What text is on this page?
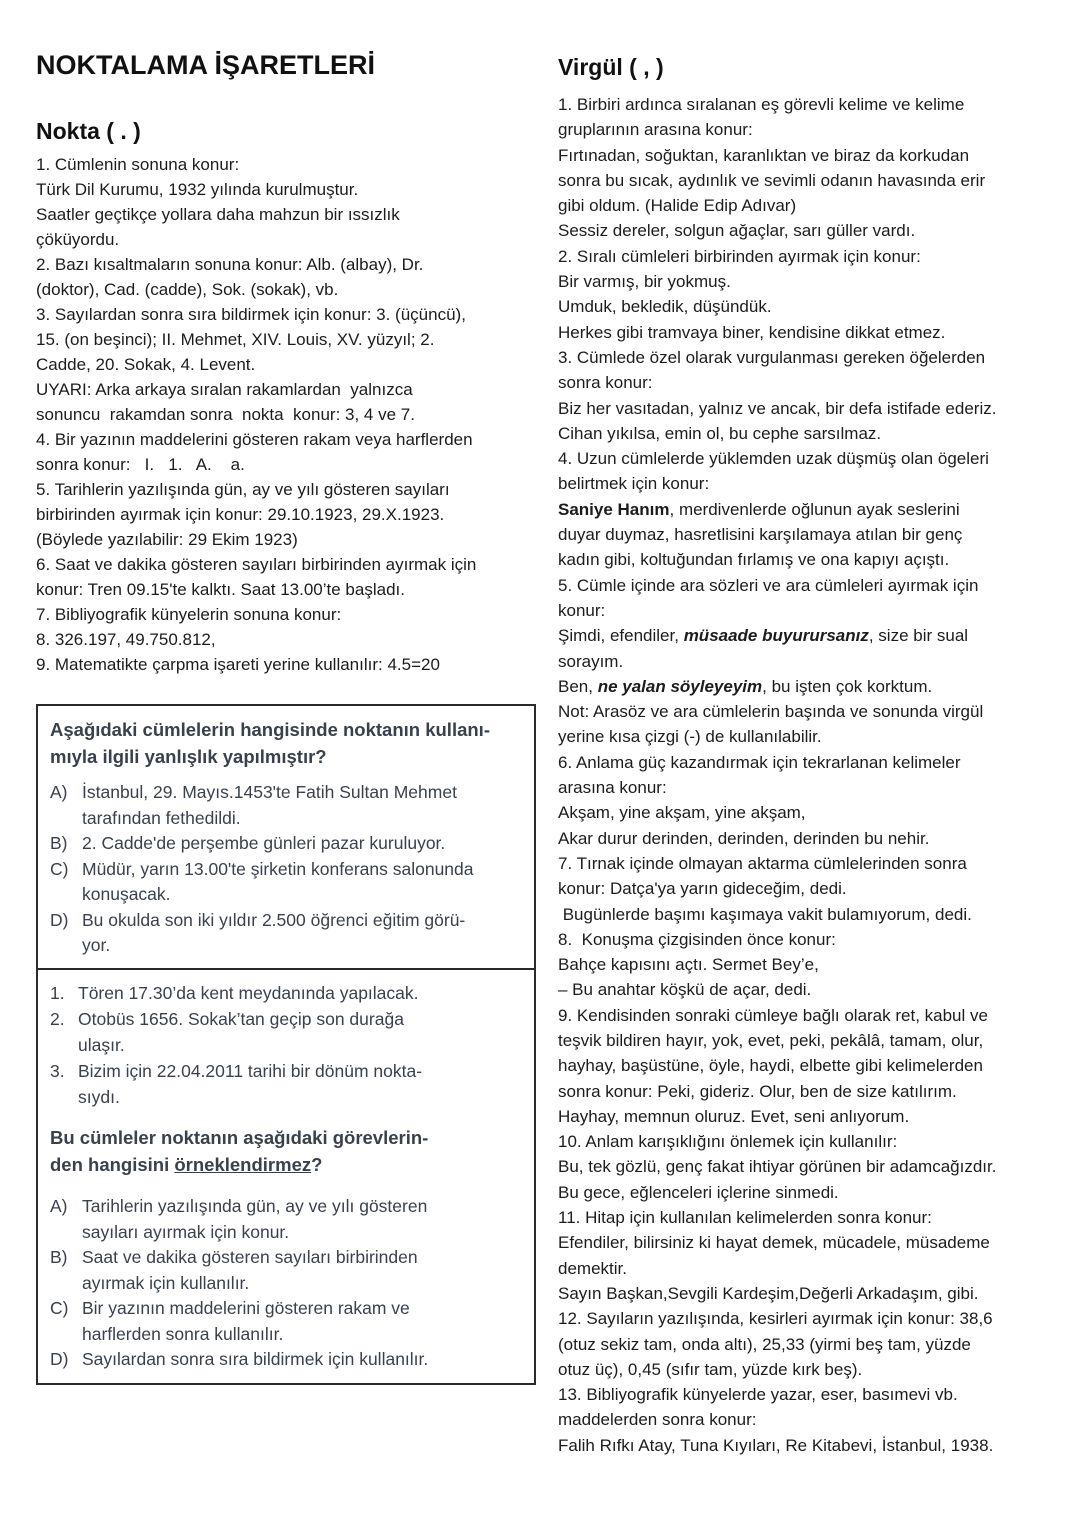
NOKTALAMA İŞARETLERİ
Nokta ( . )
1. Cümlenin sonuna konur:
Türk Dil Kurumu, 1932 yılında kurulmuştur.
Saatler geçtikçe yollara daha mahzun bir ıssızlık
çöküyordu.
2. Bazı kısaltmaların sonuna konur: Alb. (albay), Dr.
(doktor), Cad. (cadde), Sok. (sokak), vb.
3. Sayılardan sonra sıra bildirmek için konur: 3. (üçüncü),
15. (on beşinci); II. Mehmet, XIV. Louis, XV. yüzyıl; 2.
Cadde, 20. Sokak, 4. Levent.
UYARI: Arka arkaya sıralan rakamlardan  yalnızca
sonuncu  rakamdan sonra  nokta  konur: 3, 4 ve 7.
4. Bir yazının maddelerini gösteren rakam veya harflerden
sonra konur:   I.   1.   A.    a.
5. Tarihlerin yazılışında gün, ay ve yılı gösteren sayıları
birbirinden ayırmak için konur: 29.10.1923, 29.X.1923.
(Böylede yazılabilir: 29 Ekim 1923)
6. Saat ve dakika gösteren sayıları birbirinden ayırmak için
konur: Tren 09.15'te kalktı. Saat 13.00’te başladı.
7. Bibliyografik künyelerin sonuna konur:
8. 326.197, 49.750.812,
9. Matematikte çarpma işareti yerine kullanılır: 4.5=20
Aşağıdaki cümlelerin hangisinde noktanın kullanı-
mıyla ilgili yanlışlık yapılmıştır?
A) İstanbul, 29. Mayıs.1453'te Fatih Sultan Mehmet
tarafından fethedildi.
B) 2. Cadde'de perşembe günleri pazar kuruluyor.
C) Müdür, yarın 13.00'te şirketin konferans salonunda
konuşacak.
D) Bu okulda son iki yıldır 2.500 öğrenci eğitim görü-
yor.
1. Tören 17.30’da kent meydanında yapılacak.
2. Otobüs 1656. Sokak’tan geçip son durağa
ulaşır.
3. Bizim için 22.04.2011 tarihi bir dönüm nokta-
sıydı.
Bu cümleler noktanın aşağıdaki görevlerin-
den hangisini örneklendirmez?
A) Tarihlerin yazılışında gün, ay ve yılı gösteren
sayıları ayırmak için konur.
B) Saat ve dakika gösteren sayıları birbirinden
ayırmak için kullanılır.
C) Bir yazının maddelerini gösteren rakam ve
harflerden sonra kullanılır.
D) Sayılardan sonra sıra bildirmek için kullanılır.
Virgül ( , )
1. Birbiri ardınca sıralanan eş görevli kelime ve kelime
gruplarının arasına konur:
Fırtınadan, soğuktan, karanlıktan ve biraz da korkudan
sonra bu sıcak, aydınlık ve sevimli odanın havasında erir
gibi oldum. (Halide Edip Adıvar)
Sessiz dereler, solgun ağaçlar, sarı güller vardı.
2. Sıralı cümleleri birbirinden ayırmak için konur:
Bir varmış, bir yokmuş.
Umduk, bekledik, düşündük.
Herkes gibi tramvaya biner, kendisine dikkat etmez.
3. Cümlede özel olarak vurgulanması gereken öğelerden
sonra konur:
Biz her vasıtadan, yalnız ve ancak, bir defa istifade ederiz.
Cihan yıkılsa, emin ol, bu cephe sarsılmaz.
4. Uzun cümlelerde yüklemden uzak düşmüş olan ögeleri
belirtmek için konur:
Saniye Hanım, merdivenlerde oğlunun ayak seslerini
duyar duymaz, hasretlisini karşılamaya atılan bir genç
kadın gibi, koltuğundan fırlamış ve ona kapıyı açıştı.
5. Cümle içinde ara sözleri ve ara cümleleri ayırmak için
konur:
Şimdi, efendiler, müsaade buyurursanız, size bir sual
sorayım.
Ben, ne yalan söyleyeyim, bu işten çok korktum.
Not: Arasöz ve ara cümlelerin başında ve sonunda virgül
yerine kısa çizgi (-) de kullanılabilir.
6. Anlama güç kazandırmak için tekrarlanan kelimeler
arasına konur:
Akşam, yine akşam, yine akşam,
Akar durur derinden, derinden, derinden bu nehir.
7. Tırnak içinde olmayan aktarma cümlelerinden sonra
konur: Datça'ya yarın gideceğim, dedi.
Bugünlerde başımı kaşımaya vakit bulamıyorum, dedi.
8.  Konuşma çizgisinden önce konur:
Bahçe kapısını açtı. Sermet Bey’e,
– Bu anahtar köşkü de açar, dedi.
9. Kendisinden sonraki cümleye bağlı olarak ret, kabul ve
teşvik bildiren hayır, yok, evet, peki, pekâlâ, tamam, olur,
hayhay, başüstüne, öyle, haydi, elbette gibi kelimelerden
sonra konur: Peki, gideriz. Olur, ben de size katılırım.
Hayhay, memnun oluruz. Evet, seni anlıyorum.
10. Anlam karışıklığını önlemek için kullanılır:
Bu, tek gözlü, genç fakat ihtiyar görünen bir adamcağızdır.
Bu gece, eğlenceleri içlerine sinmedi.
11. Hitap için kullanılan kelimelerden sonra konur:
Efendiler, bilirsiniz ki hayat demek, mücadele, müsademe
demektir.
Sayın Başkan,Sevgili Kardeşim,Değerli Arkadaşım, gibi.
12. Sayıların yazılışında, kesirleri ayırmak için konur: 38,6
(otuz sekiz tam, onda altı), 25,33 (yirmi beş tam, yüzde
otuz üç), 0,45 (sıfır tam, yüzde kırk beş).
13. Bibliyografik künyelerde yazar, eser, basımevi vb.
maddelerden sonra konur:
Falih Rıfkı Atay, Tuna Kıyıları, Re Kitabevi, İstanbul, 1938.
